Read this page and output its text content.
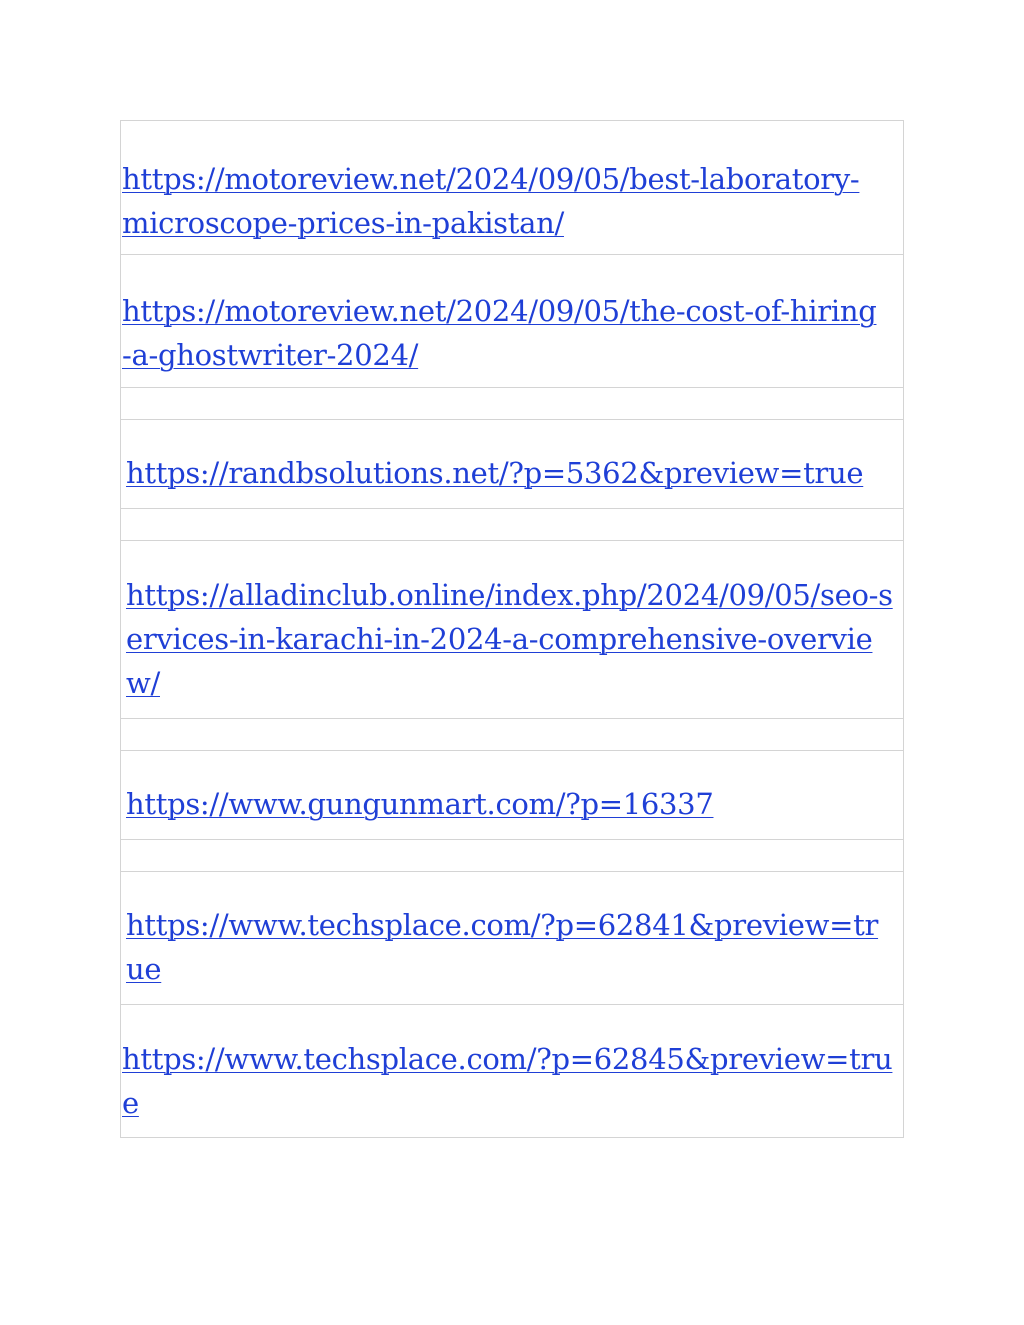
https://motoreview.net/2024/09/05/best-laboratory-microscope-prices-in-pakistan/
https://motoreview.net/2024/09/05/the-cost-of-hiring-a-ghostwriter-2024/
https://randbsolutions.net/?p=5362&preview=true
https://alladinclub.online/index.php/2024/09/05/seo-services-in-karachi-in-2024-a-comprehensive-overview/
https://www.gungunmart.com/?p=16337
https://www.techsplace.com/?p=62841&preview=true
https://www.techsplace.com/?p=62845&preview=true
